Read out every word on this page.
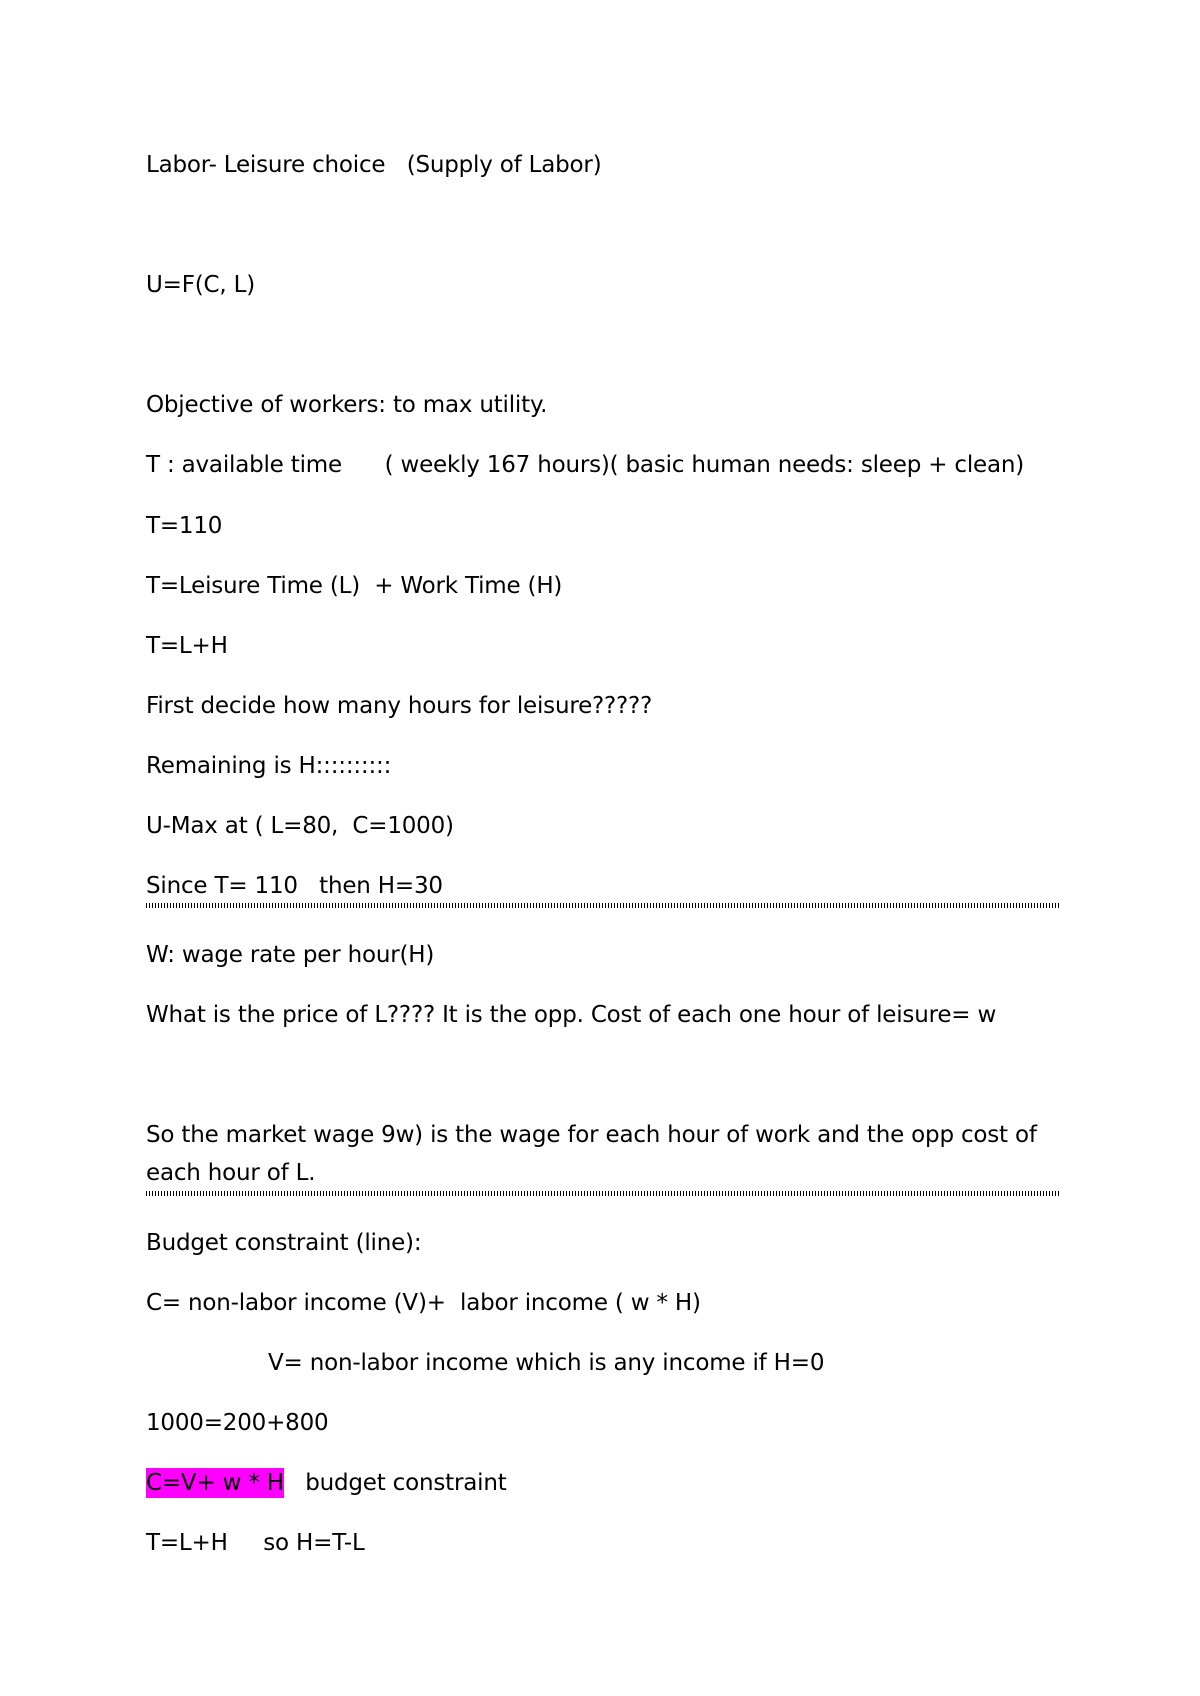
Labor- Leisure choice   (Supply of Labor)
U=F(C, L)
Objective of workers: to max utility.
T : available time      ( weekly 167 hours)( basic human needs: sleep + clean)
T=110
T=Leisure Time (L)  + Work Time (H)
T=L+H
First decide how many hours for leisure?????
Remaining is H::::::::::
U-Max at ( L=80,  C=1000)
Since T= 110   then H=30
W: wage rate per hour(H)
What is the price of L???? It is the opp. Cost of each one hour of leisure= w
So the market wage 9w) is the wage for each hour of work and the opp cost of each hour of L.
Budget constraint (line):
C= non-labor income (V)+  labor income ( w * H)
V= non-labor income which is any income if H=0
1000=200+800
C=V+ w * H   budget constraint
T=L+H     so H=T-L
